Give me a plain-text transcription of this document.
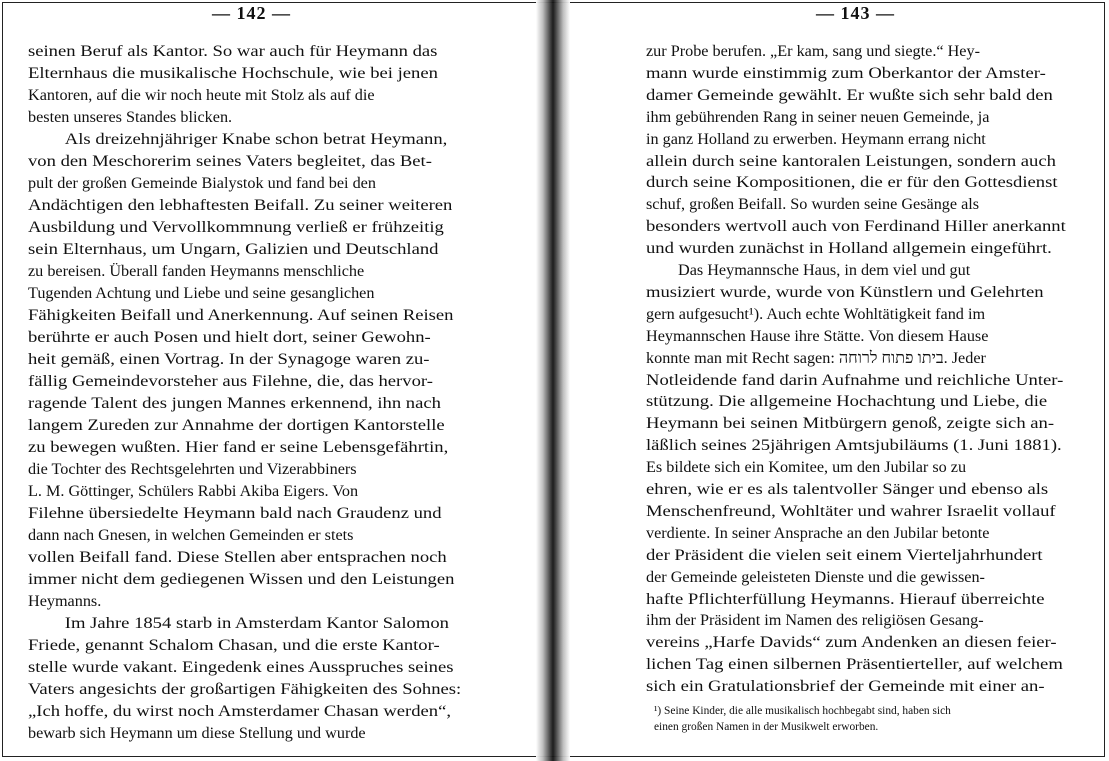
— 142 —
seinen Beruf als Kantor. So war auch für Heymann das
Elternhaus die musikalische Hochschule, wie bei jenen
Kantoren, auf die wir noch heute mit Stolz als auf die
besten unseres Standes blicken.
Als dreizehnjähriger Knabe schon betrat Heymann,
von den Meschorerim seines Vaters begleitet, das Bet-
pult der großen Gemeinde Bialystok und fand bei den
Andächtigen den lebhaftesten Beifall. Zu seiner weiteren
Ausbildung und Vervollkommnung verließ er frühzeitig
sein Elternhaus, um Ungarn, Galizien und Deutschland
zu bereisen. Überall fanden Heymanns menschliche
Tugenden Achtung und Liebe und seine gesanglichen
Fähigkeiten Beifall und Anerkennung. Auf seinen Reisen
berührte er auch Posen und hielt dort, seiner Gewohn-
heit gemäß, einen Vortrag. In der Synagoge waren zu-
fällig Gemeindevorsteher aus Filehne, die, das hervor-
ragende Talent des jungen Mannes erkennend, ihn nach
langem Zureden zur Annahme der dortigen Kantorstelle
zu bewegen wußten. Hier fand er seine Lebensgefährtin,
die Tochter des Rechtsgelehrten und Vizerabbiners
L. M. Göttinger, Schülers Rabbi Akiba Eigers. Von
Filehne übersiedelte Heymann bald nach Graudenz und
dann nach Gnesen, in welchen Gemeinden er stets
vollen Beifall fand. Diese Stellen aber entsprachen noch
immer nicht dem gediegenen Wissen und den Leistungen
Heymanns.
Im Jahre 1854 starb in Amsterdam Kantor Salomon
Friede, genannt Schalom Chasan, und die erste Kantor-
stelle wurde vakant. Eingedenk eines Ausspruches seines
Vaters angesichts der großartigen Fähigkeiten des Sohnes:
„Ich hoffe, du wirst noch Amsterdamer Chasan werden“,
bewarb sich Heymann um diese Stellung und wurde
— 143 —
zur Probe berufen. „Er kam, sang und siegte.“ Hey-
mann wurde einstimmig zum Oberkantor der Amster-
damer Gemeinde gewählt. Er wußte sich sehr bald den
ihm gebührenden Rang in seiner neuen Gemeinde, ja
in ganz Holland zu erwerben. Heymann errang nicht
allein durch seine kantoralen Leistungen, sondern auch
durch seine Kompositionen, die er für den Gottesdienst
schuf, großen Beifall. So wurden seine Gesänge als
besonders wertvoll auch von Ferdinand Hiller anerkannt
und wurden zunächst in Holland allgemein eingeführt.
Das Heymannsche Haus, in dem viel und gut
musiziert wurde, wurde von Künstlern und Gelehrten
gern aufgesucht¹). Auch echte Wohltätigkeit fand im
Heymannschen Hause ihre Stätte. Von diesem Hause
konnte man mit Recht sagen: ביתו פתוח לרוחה. Jeder
Notleidende fand darin Aufnahme und reichliche Unter-
stützung. Die allgemeine Hochachtung und Liebe, die
Heymann bei seinen Mitbürgern genoß, zeigte sich an-
läßlich seines 25jährigen Amtsjubiläums (1. Juni 1881).
Es bildete sich ein Komitee, um den Jubilar so zu
ehren, wie er es als talentvoller Sänger und ebenso als
Menschenfreund, Wohltäter und wahrer Israelit vollauf
verdiente. In seiner Ansprache an den Jubilar betonte
der Präsident die vielen seit einem Vierteljahrhundert
der Gemeinde geleisteten Dienste und die gewissen-
hafte Pflichterfüllung Heymanns. Hierauf überreichte
ihm der Präsident im Namen des religiösen Gesang-
vereins „Harfe Davids“ zum Andenken an diesen feier-
lichen Tag einen silbernen Präsentierteller, auf welchem
sich ein Gratulationsbrief der Gemeinde mit einer an-
¹) Seine Kinder, die alle musikalisch hochbegabt sind, haben sich
einen großen Namen in der Musikwelt erworben.
